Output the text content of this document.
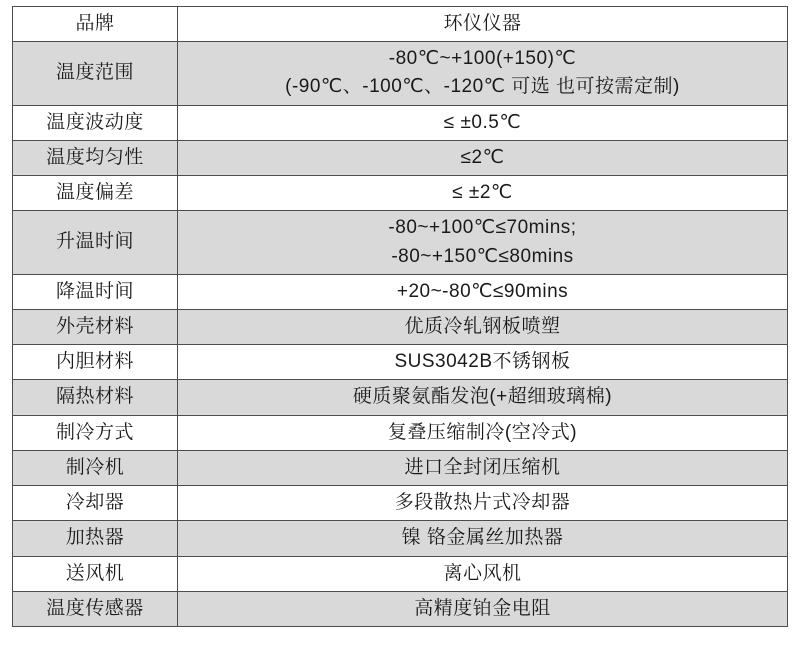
品牌	环仪仪器

温度范围	-80℃~+100(+150)℃
(-90℃、-100℃、-120℃ 可选 也可按需定制)

温度波动度	≤ ±0.5℃

温度均匀性	≤2℃

温度偏差	≤ ±2℃

升温时间	-80~+100℃≤70mins;
-80~+150℃≤80mins

降温时间	+20~-80℃≤90mins

外壳材料	优质冷轧钢板喷塑

内胆材料	SUS3042B不锈钢板

隔热材料	硬质聚氨酯发泡(+超细玻璃棉)

制冷方式	复叠压缩制冷(空冷式)

制冷机	进口全封闭压缩机

冷却器	多段散热片式冷却器

加热器	镍 铬金属丝加热器

送风机	离心风机

温度传感器	高精度铂金电阻
